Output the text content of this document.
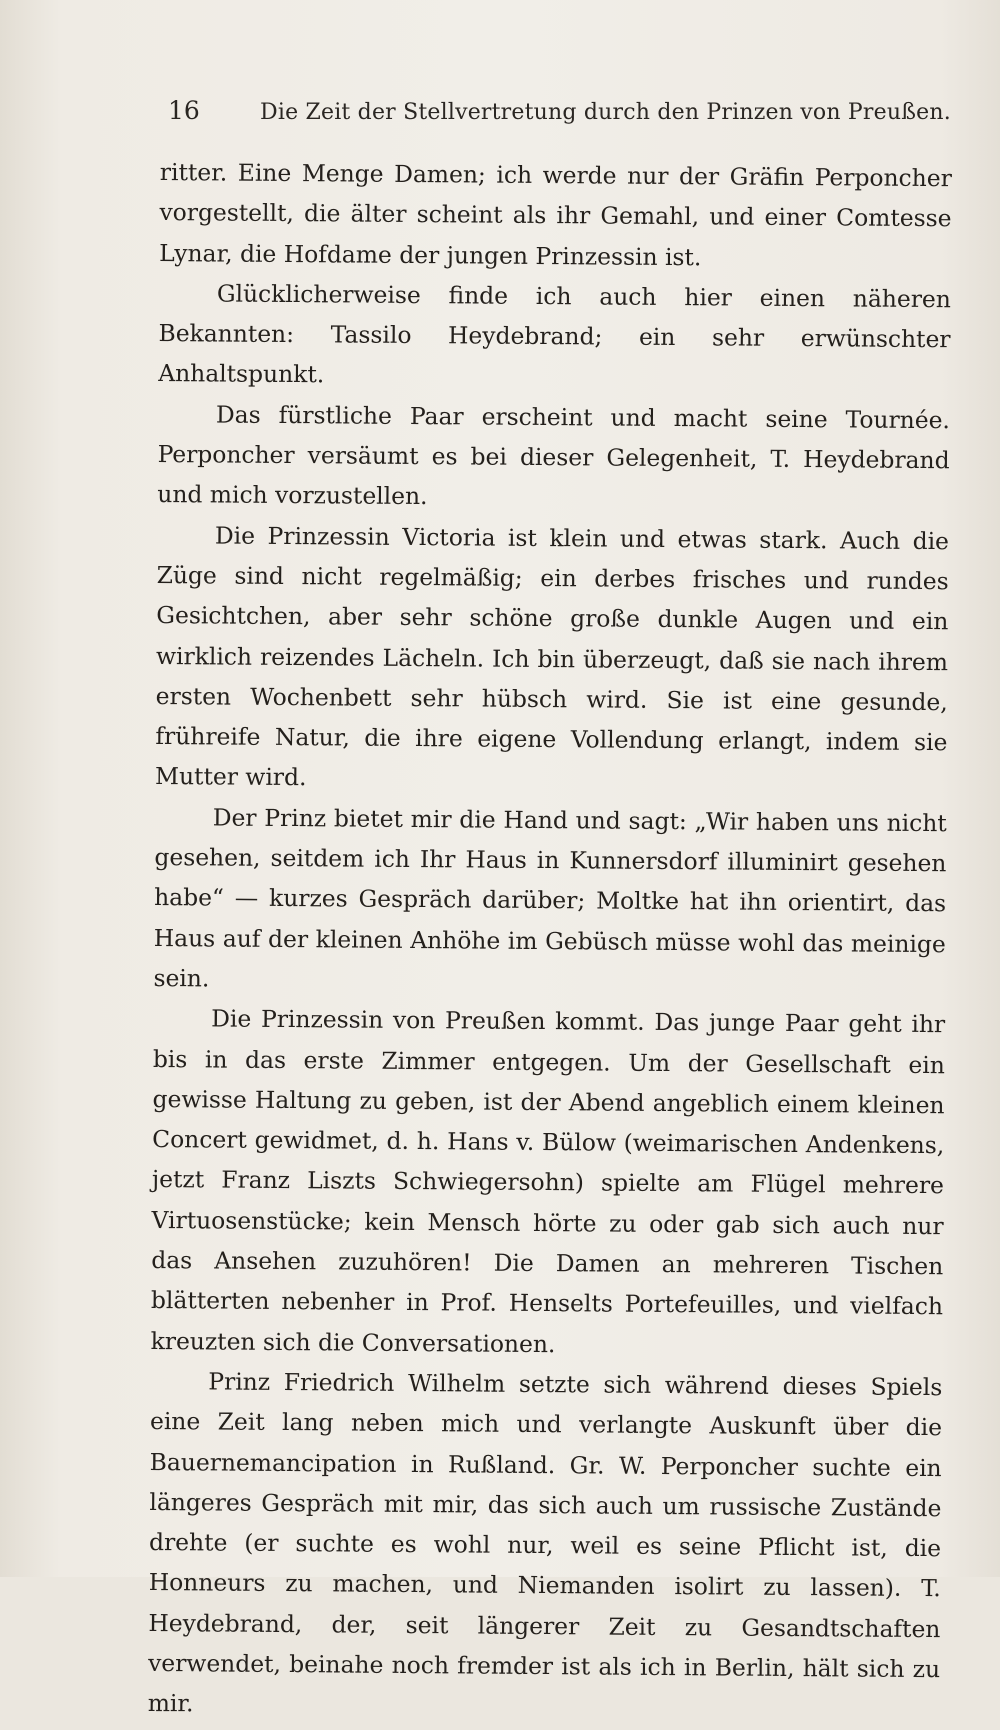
16	Die Zeit der Stellvertretung durch den Prinzen von Preußen.

ritter. Eine Menge Damen; ich werde nur der Gräfin Perponcher vorgestellt, die älter scheint als ihr Gemahl, und einer Comtesse Lynar, die Hofdame der jungen Prinzessin ist.

Glücklicherweise finde ich auch hier einen näheren Bekannten: Tassilo Heydebrand; ein sehr erwünschter Anhaltspunkt.

Das fürstliche Paar erscheint und macht seine Tournée. Perponcher versäumt es bei dieser Gelegenheit, T. Heydebrand und mich vorzustellen.

Die Prinzessin Victoria ist klein und etwas stark. Auch die Züge sind nicht regelmäßig; ein derbes frisches und rundes Gesichtchen, aber sehr schöne große dunkle Augen und ein wirklich reizendes Lächeln. Ich bin überzeugt, daß sie nach ihrem ersten Wochenbett sehr hübsch wird. Sie ist eine gesunde, frühreife Natur, die ihre eigene Vollendung erlangt, indem sie Mutter wird.

Der Prinz bietet mir die Hand und sagt: „Wir haben uns nicht gesehen, seitdem ich Ihr Haus in Kunnersdorf illuminirt gesehen habe“ — kurzes Gespräch darüber; Moltke hat ihn orientirt, das Haus auf der kleinen Anhöhe im Gebüsch müsse wohl das meinige sein.

Die Prinzessin von Preußen kommt. Das junge Paar geht ihr bis in das erste Zimmer entgegen. Um der Gesellschaft ein gewisse Haltung zu geben, ist der Abend angeblich einem kleinen Concert gewidmet, d. h. Hans v. Bülow (weimarischen Andenkens, jetzt Franz Liszts Schwiegersohn) spielte am Flügel mehrere Virtuosenstücke; kein Mensch hörte zu oder gab sich auch nur das Ansehen zuzuhören! Die Damen an mehreren Tischen blätterten nebenher in Prof. Henselts Portefeuilles, und vielfach kreuzten sich die Conversationen.

Prinz Friedrich Wilhelm setzte sich während dieses Spiels eine Zeit lang neben mich und verlangte Auskunft über die Bauernemancipation in Rußland. Gr. W. Perponcher suchte ein längeres Gespräch mit mir, das sich auch um russische Zustände drehte (er suchte es wohl nur, weil es seine Pflicht ist, die Honneurs zu machen, und Niemanden isolirt zu lassen). T. Heydebrand, der, seit längerer Zeit zu Gesandtschaften verwendet, beinahe noch fremder ist als ich in Berlin, hält sich zu mir.
